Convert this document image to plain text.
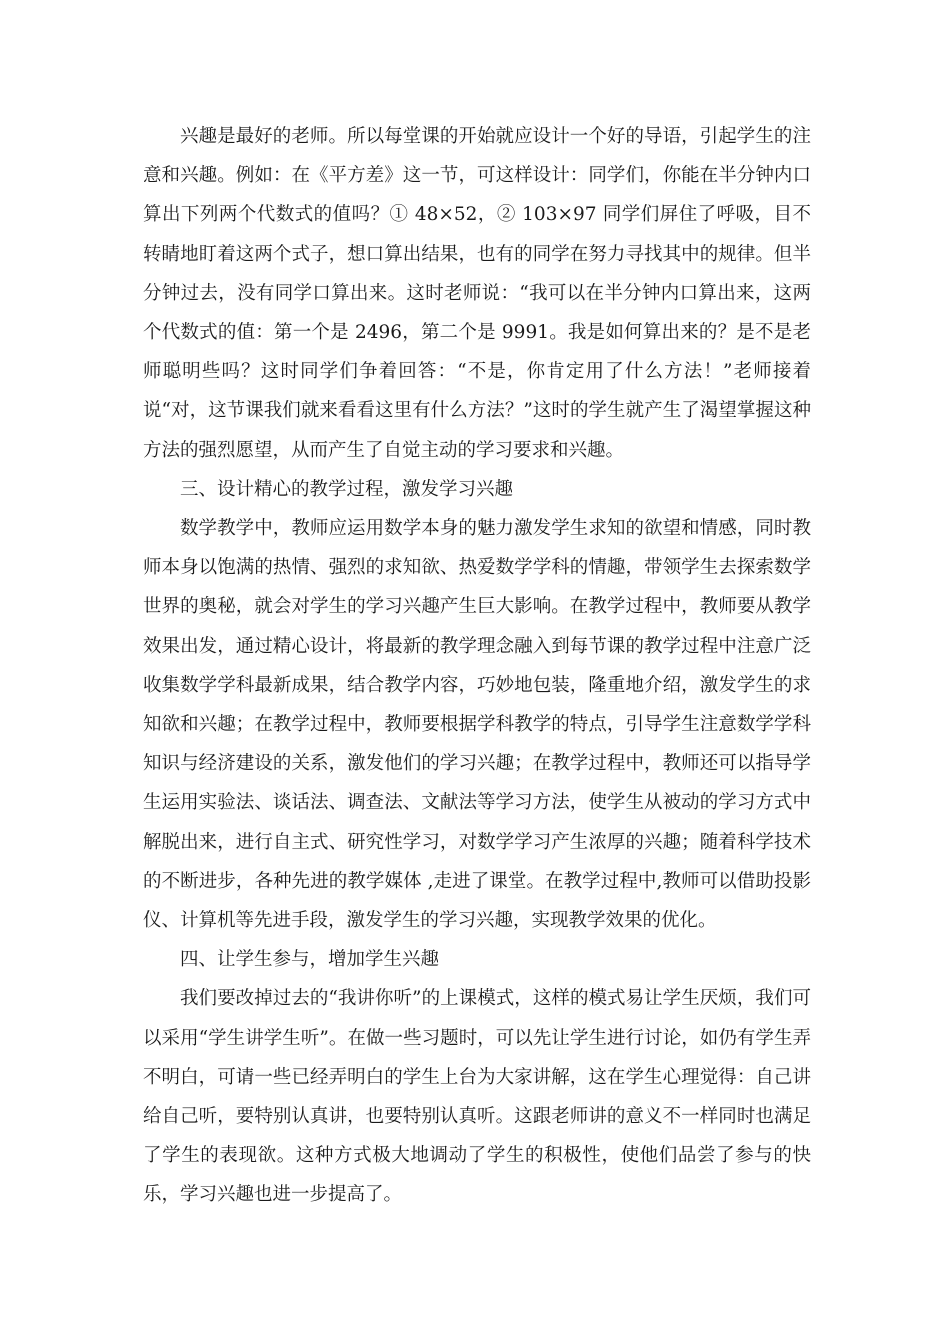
兴趣是最好的老师。所以每堂课的开始就应设计一个好的导语，引起学生的注意和兴趣。例如：在《平方差》这一节，可这样设计：同学们，你能在半分钟内口算出下列两个代数式的值吗？① 48×52，② 103×97 同学们屏住了呼吸，目不转睛地盯着这两个式子，想口算出结果，也有的同学在努力寻找其中的规律。但半分钟过去，没有同学口算出来。这时老师说：“我可以在半分钟内口算出来，这两个代数式的值：第一个是 2496，第二个是 9991。我是如何算出来的？是不是老师聪明些吗？这时同学们争着回答：“不是，你肯定用了什么方法！”老师接着说“对，这节课我们就来看看这里有什么方法？”这时的学生就产生了渴望掌握这种方法的强烈愿望，从而产生了自觉主动的学习要求和兴趣。

三、设计精心的教学过程，激发学习兴趣

数学教学中，教师应运用数学本身的魅力激发学生求知的欲望和情感，同时教师本身以饱满的热情、强烈的求知欲、热爱数学学科的情趣，带领学生去探索数学世界的奥秘，就会对学生的学习兴趣产生巨大影响。在教学过程中，教师要从教学效果出发，通过精心设计，将最新的教学理念融入到每节课的教学过程中注意广泛收集数学学科最新成果，结合教学内容，巧妙地包装，隆重地介绍，激发学生的求知欲和兴趣；在教学过程中，教师要根据学科教学的特点，引导学生注意数学学科知识与经济建设的关系，激发他们的学习兴趣；在教学过程中，教师还可以指导学生运用实验法、谈话法、调查法、文献法等学习方法，使学生从被动的学习方式中解脱出来，进行自主式、研究性学习，对数学学习产生浓厚的兴趣；随着科学技术的不断进步，各种先进的教学媒体 ,走进了课堂。在教学过程中,教师可以借助投影仪、计算机等先进手段，激发学生的学习兴趣，实现教学效果的优化。

四、让学生参与，增加学生兴趣

我们要改掉过去的“我讲你听”的上课模式，这样的模式易让学生厌烦，我们可以采用“学生讲学生听”。在做一些习题时，可以先让学生进行讨论，如仍有学生弄不明白，可请一些已经弄明白的学生上台为大家讲解，这在学生心理觉得：自己讲给自己听，要特别认真讲，也要特别认真听。这跟老师讲的意义不一样同时也满足了学生的表现欲。这种方式极大地调动了学生的积极性，使他们品尝了参与的快乐，学习兴趣也进一步提高了。
